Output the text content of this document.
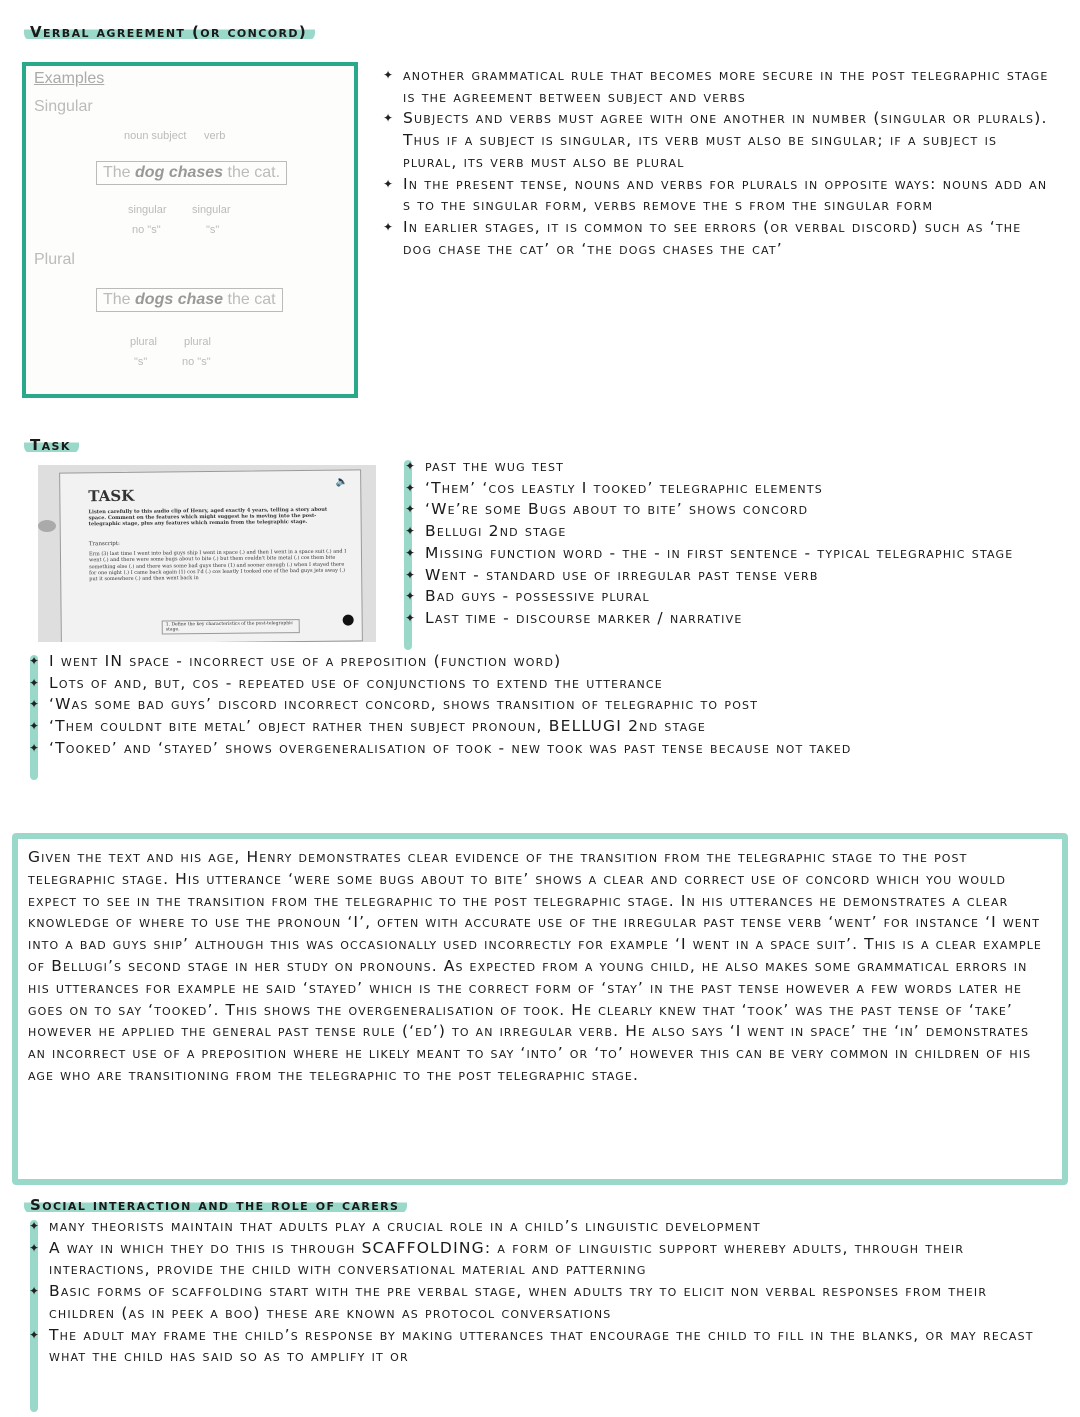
Verbal agreement (or concord)
Examples
Singular
noun subject verb
The dog chases the cat.
singular singular
no "s"	"s"
Plural
The dogs chase the cat
plural plural
"s"	no "s"
✦ another grammatical rule that becomes more secure in the post telegraphic stage is the agreement between subject and verbs
✦ Subjects and verbs must agree with one another in number (singular or plurals). Thus if a subject is singular, its verb must also be singular; if a subject is plural, its verb must also be plural
✦ In the present tense, nouns and verbs for plurals in opposite ways: nouns add an s to the singular form, verbs remove the s from the singular form
✦ In earlier stages, it is common to see errors (or verbal discord) such as ‘the dog chase the cat’ or ‘the dogs chases the cat’
Task
🔈
TASK
Listen carefully to this audio clip of Henry, aged exactly 4 years, telling a story about space. Comment on the features which might suggest he is moving into the post-telegraphic stage, plus any features which remain from the telegraphic stage.
Transcript:
Erm (3) last time I went into bad guys ship I went in space (.) and then I went in a space suit (.) and I went (.) and there were some bugs about to bite (.) but them couldn't bite metal (.) cos them bite something else (.) and there was some bad guys there (1) and sooner enough (.) when I stayed there for one night (.) I came back again (1) cos I'd (.) cos leastly I tooked one of the bad guys jets away (.) put it somewhere (.) and then went back in
1. Define the key characteristics of the post-telegraphic stage.
✦ past the wug test
✦ ‘Them’ ‘cos leastly I tooked’ telegraphic elements
✦ ‘We’re some Bugs about to bite’ shows concord
✦ Bellugi 2nd stage
✦ Missing function word - the - in first sentence - typical telegraphic stage
✦ Went - standard use of irregular past tense verb
✦ Bad guys - possessive plural
✦ Last time - discourse marker / narrative
✦ I went IN space - incorrect use of a preposition (function word)
✦ Lots of and, but, cos - repeated use of conjunctions to extend the utterance
✦ ‘Was some bad guys’ discord incorrect concord, shows transition of telegraphic to post
✦ ‘Them couldnt bite metal’ object rather then subject pronoun, BELLUGI 2nd stage
✦ ‘Tooked’ and ‘stayed’ shows overgeneralisation of took - new took was past tense because not taked
Given the text and his age, Henry demonstrates clear evidence of the transition from the telegraphic stage to the post telegraphic stage. His utterance ‘were some bugs about to bite’ shows a clear and correct use of concord which you would expect to see in the transition from the telegraphic to the post telegraphic stage. In his utterances he demonstrates a clear knowledge of where to use the pronoun ‘I’, often with accurate use of the irregular past tense verb ‘went’ for instance ‘I went into a bad guys ship’ although this was occasionally used incorrectly for example ‘I went in a space suit’. This is a clear example of Bellugi’s second stage in her study on pronouns. As expected from a young child, he also makes some grammatical errors in his utterances for example he said ‘stayed’ which is the correct form of ‘stay’ in the past tense however a few words later he goes on to say ‘tooked’. This shows the overgeneralisation of took. He clearly knew that ‘took’ was the past tense of ‘take’ however he applied the general past tense rule (‘ed’) to an irregular verb. He also says ‘I went in space’ the ‘in’ demonstrates an incorrect use of a preposition where he likely meant to say ‘into’ or ‘to’ however this can be very common in children of his age who are transitioning from the telegraphic to the post telegraphic stage.
Social interaction and the role of carers
✦ many theorists maintain that adults play a crucial role in a child’s linguistic development
✦ A way in which they do this is through SCAFFOLDING: a form of linguistic support whereby adults, through their interactions, provide the child with conversational material and patterning
✦ Basic forms of scaffolding start with the pre verbal stage, when adults try to elicit non verbal responses from their children (as in peek a boo) these are known as protocol conversations
✦ The adult may frame the child’s response by making utterances that encourage the child to fill in the blanks, or may recast what the child has said so as to amplify it or
